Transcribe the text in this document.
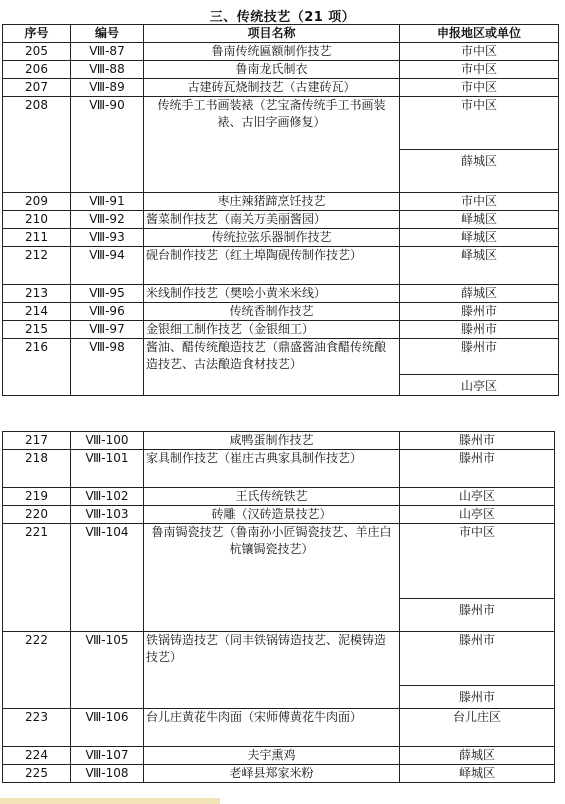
三、传统技艺（21 项）
序号	编号	项目名称	申报地区或单位
205	Ⅷ-87	鲁南传统匾额制作技艺	市中区

206	Ⅷ-88	鲁南龙氏制衣	市中区

207	Ⅷ-89	古建砖瓦烧制技艺（古建砖瓦）	市中区

208	Ⅷ-90	传统手工书画装裱（艺宝斋传统手工书画装裱、古旧字画修复）	市中区
薛城区

209	Ⅷ-91	枣庄辣猪蹄烹饪技艺	市中区

210	Ⅷ-92	酱菜制作技艺（南关万美丽酱园）	峄城区

211	Ⅷ-93	传统拉弦乐器制作技艺	峄城区

212	Ⅷ-94	砚台制作技艺（红土埠陶砚传制作技艺）	峄城区

213	Ⅷ-95	米线制作技艺（樊哙小黄米米线）	薛城区

214	Ⅷ-96	传统香制作技艺	滕州市

215	Ⅷ-97	金银细工制作技艺（金银细工）	滕州市

216	Ⅷ-98	酱油、醋传统酿造技艺（鼎盛酱油食醋传统酿造技艺、古法酿造食材技艺）	滕州市
山亭区
217	Ⅷ-100	咸鸭蛋制作技艺	滕州市

218	Ⅷ-101	家具制作技艺（崔庄古典家具制作技艺）	滕州市

219	Ⅷ-102	王氏传统铁艺	山亭区

220	Ⅷ-103	砖雕（汉砖造景技艺）	山亭区

221	Ⅷ-104	鲁南锔瓷技艺（鲁南孙小匠锔瓷技艺、羊庄白杭镶锔瓷技艺）	市中区
滕州市

222	Ⅷ-105	铁锅铸造技艺（同丰铁锅铸造技艺、泥模铸造技艺）	滕州市
滕州市

223	Ⅷ-106	台儿庄黄花牛肉面（宋师傅黄花牛肉面）	台儿庄区

224	Ⅷ-107	夫宇熏鸡	薛城区

225	Ⅷ-108	老峄县郑家米粉	峄城区
